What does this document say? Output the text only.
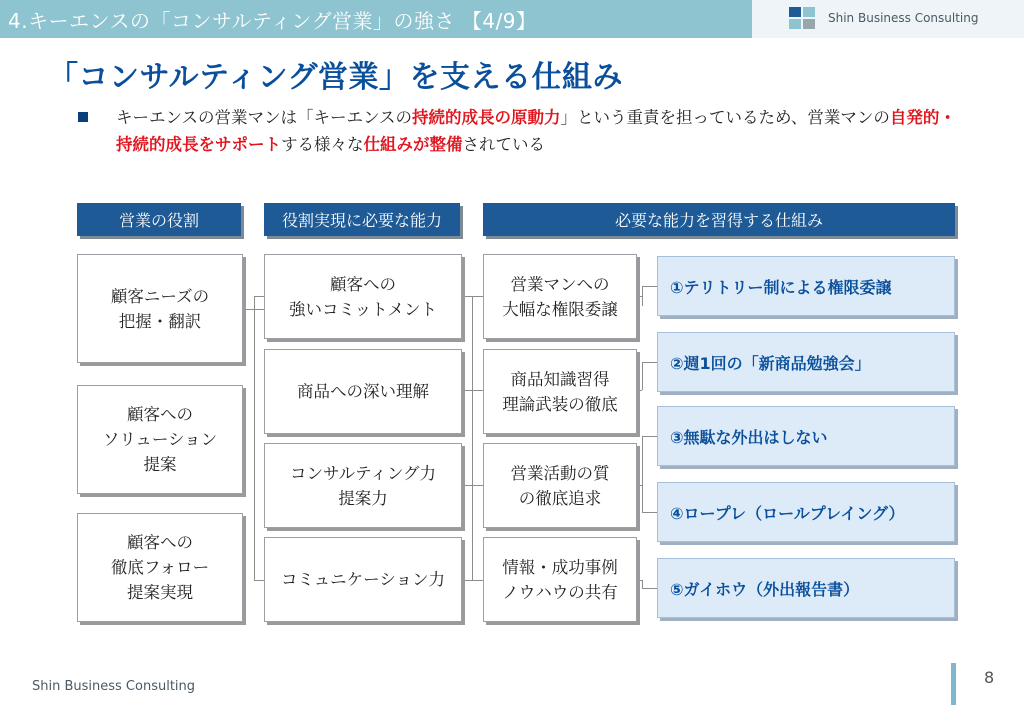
4.キーエンスの「コンサルティング営業」の強さ 【4/9】	Shin Business Consulting
「コンサルティング営業」を支える仕組み
キーエンスの営業マンは「キーエンスの持続的成長の原動力」という重責を担っているため、営業マンの自発的・持続的成長をサポートする様々な仕組みが整備されている
営業の役割	役割実現に必要な能力	必要な能力を習得する仕組み
顧客ニーズの
把握・翻訳
顧客への
ソリューション
提案
顧客への
徹底フォロー
提案実現
顧客への
強いコミットメント
商品への深い理解
コンサルティング力
提案力
コミュニケーション力
営業マンへの
大幅な権限委譲
商品知識習得
理論武装の徹底
営業活動の質
の徹底追求
情報・成功事例
ノウハウの共有
①テリトリー制による権限委譲
②週1回の「新商品勉強会」
③無駄な外出はしない
④ロープレ（ロールプレイング）
⑤ガイホウ（外出報告書）
Shin Business Consulting	8
